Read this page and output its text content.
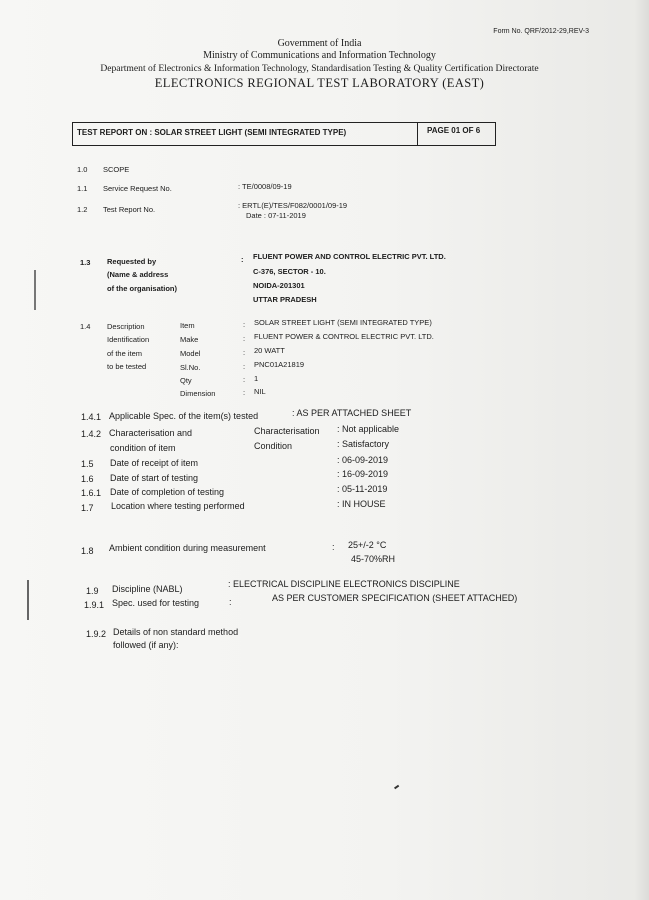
Form No. QRF/2012-29,REV-3
Government of India
Ministry of Communications and Information Technology
Department of Electronics & Information Technology, Standardisation Testing & Quality Certification Directorate
ELECTRONICS REGIONAL TEST LABORATORY (EAST)
TEST REPORT ON : SOLAR STREET LIGHT (SEMI INTEGRATED TYPE)	PAGE 01 OF 6
1.0 SCOPE
1.1 Service Request No.	: TE/0008/09-19
1.2 Test Report No.	: ERTL(E)/TES/F082/0001/09-19
Date : 07-11-2019
1.3 Requested by
(Name & address
of the organisation)
: FLUENT POWER AND CONTROL ELECTRIC PVT. LTD.
C-376, SECTOR - 10.
NOIDA-201301
UTTAR PRADESH
1.4 Description
Identification
of the item
to be tested
Item	: SOLAR STREET LIGHT (SEMI INTEGRATED TYPE)
Make	: FLUENT POWER & CONTROL ELECTRIC PVT. LTD.
Model	: 20 WATT
Sl.No.	: PNC01A21819
Qty	: 1
Dimension	: NIL
1.4.1 Applicable Spec. of the item(s) tested	: AS PER ATTACHED SHEET
1.4.2 Characterisation and
condition of item
Characterisation : Not applicable
Condition	: Satisfactory
1.5 Date of receipt of item	: 06-09-2019
1.6 Date of start of testing	: 16-09-2019
1.6.1 Date of completion of testing	: 05-11-2019
1.7 Location where testing performed	: IN HOUSE
1.8 Ambient condition during measurement	: 25+/-2 °C
45-70%RH
1.9 Discipline (NABL)	: ELECTRICAL DISCIPLINE ELECTRONICS DISCIPLINE
1.9.1 Spec. used for testing	:	AS PER CUSTOMER SPECIFICATION (SHEET ATTACHED)
1.9.2 Details of non standard method
followed (if any):
